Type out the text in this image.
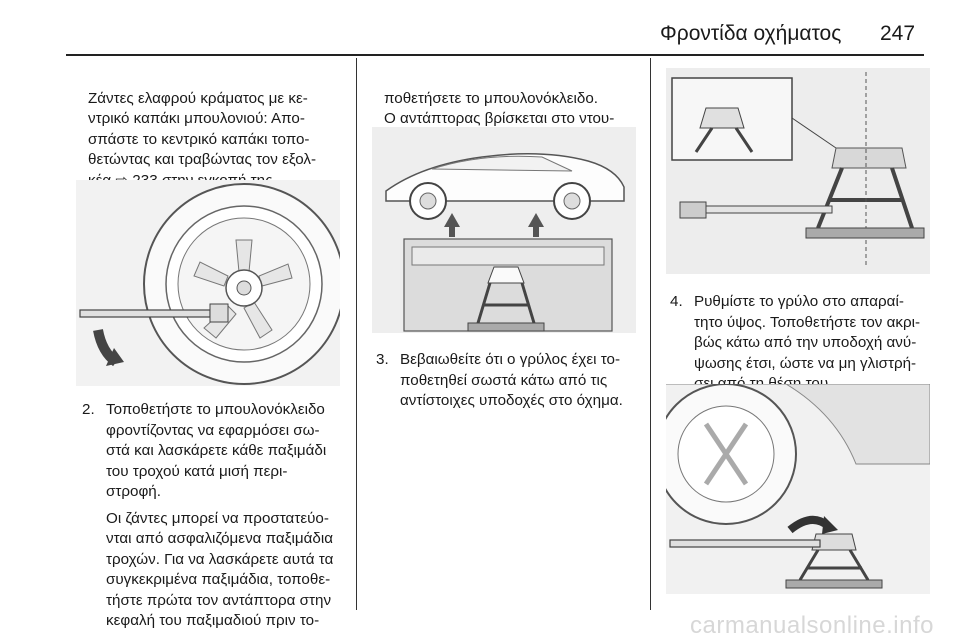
Φροντίδα οχήματος 247

Ζάντες ελαφρού κράματος με κε-
ντρικό καπάκι μπουλονιού: Απο-
σπάστε το κεντρικό καπάκι τοπο-
θετώντας και τραβώντας τον εξολ-

2. Τοποθετήστε το μπουλονόκλειδο
φροντίζοντας να εφαρμόσει σω-
στά και λασκάρετε κάθε παξιμάδι
του τροχού κατά μισή περι-
στροφή.

Οι ζάντες μπορεί να προστατεύο-
νται από ασφαλιζόμενα παξιμάδια
τροχών. Για να λασκάρετε αυτά τα
συγκεκριμένα παξιμάδια, τοποθε-
τήστε πρώτα τον αντάπτορα στην
κεφαλή του παξιμαδιού πριν το-

ποθετήσετε το μπουλονόκλειδο.
Ο αντάπτορας βρίσκεται στο ντου-

3. Βεβαιωθείτε ότι ο γρύλος έχει το-
ποθετηθεί σωστά κάτω από τις
αντίστοιχες υποδοχές στο όχημα.

4. Ρυθμίστε το γρύλο στο απαραί-
τητο ύψος. Τοποθετήστε τον ακρι-
βώς κάτω από την υποδοχή ανύ-
ψωσης έτσι, ώστε να μη γλιστρή-

carmanualsonline.info
